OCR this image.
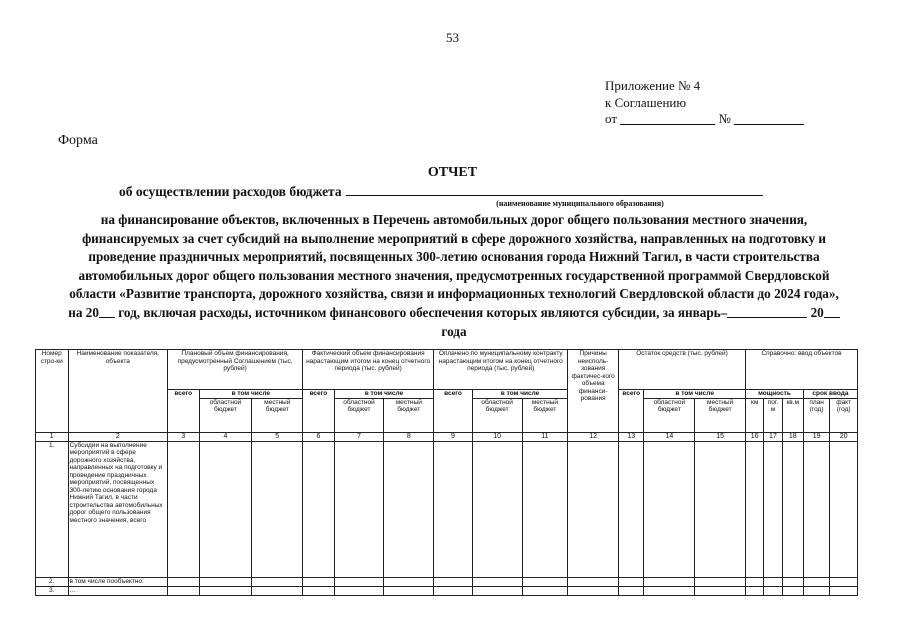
53
Приложение № 4
к Соглашению
от	№
Форма
ОТЧЕТ
об осуществлении расходов бюджета
(наименование муниципального образования)
на финансирование объектов, включенных в Перечень автомобильных дорог общего пользования местного значения, финансируемых за счет субсидий на выполнение мероприятий в сфере дорожного хозяйства, направленных на подготовку и проведение праздничных мероприятий, посвященных 300-летию основания города Нижний Тагил, в части строительства автомобильных дорог общего пользования местного значения, предусмотренных государственной программой Свердловской области «Развитие транспорта, дорожного хозяйства, связи и информационных технологий Свердловской области до 2024 года», на 20 год, включая расходы, источником финансового обеспечения которых являются субсидии, за январь–	20 года
Номер стро-ки	Наименование показателя, объекта	Плановый объем финансирования, предусмотренный Соглашением (тыс. рублей)			Фактический объем финансирования нарастающим итогом на конец отчетного периода (тыс. рублей)			Оплачено по муниципальному контракту нарастающим итогом на конец отчетного периода (тыс. рублей)			Причины неисполь-зования фактичес-кого объема финанси-рования	Остаток средств (тыс. рублей)			Справочно: ввод объектов				
		всего	в том числе		всего	в том числе		всего	в том числе			всего	в том числе		мощность			срок ввода	
			областной бюджет	местный бюджет		областной бюджет	местный бюджет		областной бюджет	местный бюджет			областной бюджет	местный бюджет	км	пог. м	кв.м	план (год)	факт (год)
1	2	3	4	5	6	7	8	9	10	11	12	13	14	15	16	17	18	19	20
1.	Субсидии на выполнение мероприятий в сфере дорожного хозяйства, направленных на подготовку и проведение праздничных мероприятий, посвященных 300-летию основания города Нижний Тагил, в части строительства автомобильных дорог общего пользования местного значения, всего																		
2.	в том числе пообъектно:																		
3.	…																		
